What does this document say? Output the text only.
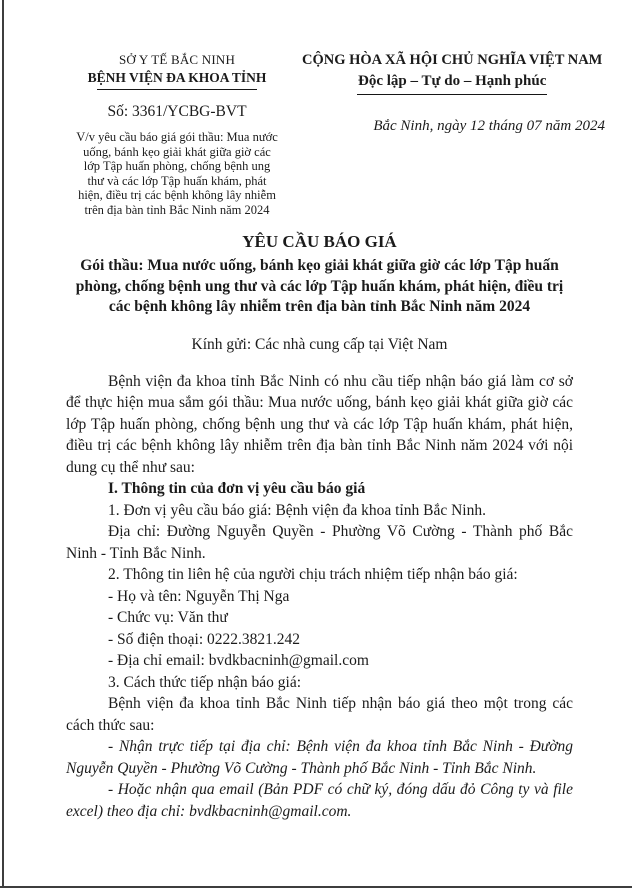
SỞ Y TẾ BẮC NINH
BỆNH VIỆN ĐA KHOA TỈNH
Số: 3361/YCBG-BVT
V/v yêu cầu báo giá gói thầu: Mua nước uống, bánh kẹo giải khát giữa giờ các lớp Tập huấn phòng, chống bệnh ung thư và các lớp Tập huấn khám, phát hiện, điều trị các bệnh không lây nhiễm trên địa bàn tỉnh Bắc Ninh năm 2024
CỘNG HÒA XÃ HỘI CHỦ NGHĨA VIỆT NAM
Độc lập – Tự do – Hạnh phúc
Bắc Ninh, ngày 12 tháng 07 năm 2024
YÊU CẦU BÁO GIÁ
Gói thầu: Mua nước uống, bánh kẹo giải khát giữa giờ các lớp Tập huấn phòng, chống bệnh ung thư và các lớp Tập huấn khám, phát hiện, điều trị các bệnh không lây nhiễm trên địa bàn tỉnh Bắc Ninh năm 2024
Kính gửi: Các nhà cung cấp tại Việt Nam

Bệnh viện đa khoa tỉnh Bắc Ninh có nhu cầu tiếp nhận báo giá làm cơ sở để thực hiện mua sắm gói thầu: Mua nước uống, bánh kẹo giải khát giữa giờ các lớp Tập huấn phòng, chống bệnh ung thư và các lớp Tập huấn khám, phát hiện, điều trị các bệnh không lây nhiễm trên địa bàn tỉnh Bắc Ninh năm 2024 với nội dung cụ thể như sau:

I. Thông tin của đơn vị yêu cầu báo giá

1. Đơn vị yêu cầu báo giá: Bệnh viện đa khoa tỉnh Bắc Ninh.

Địa chỉ: Đường Nguyễn Quyền - Phường Võ Cường - Thành phố Bắc Ninh - Tỉnh Bắc Ninh.

2. Thông tin liên hệ của người chịu trách nhiệm tiếp nhận báo giá:

- Họ và tên: Nguyễn Thị Nga

- Chức vụ: Văn thư

- Số điện thoại: 0222.3821.242

- Địa chỉ email: bvdkbacninh@gmail.com

3. Cách thức tiếp nhận báo giá:

Bệnh viện đa khoa tỉnh Bắc Ninh tiếp nhận báo giá theo một trong các cách thức sau:

- Nhận trực tiếp tại địa chỉ: Bệnh viện đa khoa tỉnh Bắc Ninh - Đường Nguyễn Quyền - Phường Võ Cường - Thành phố Bắc Ninh - Tỉnh Bắc Ninh.

- Hoặc nhận qua email (Bản PDF có chữ ký, đóng dấu đỏ Công ty và file excel) theo địa chỉ: bvdkbacninh@gmail.com.
